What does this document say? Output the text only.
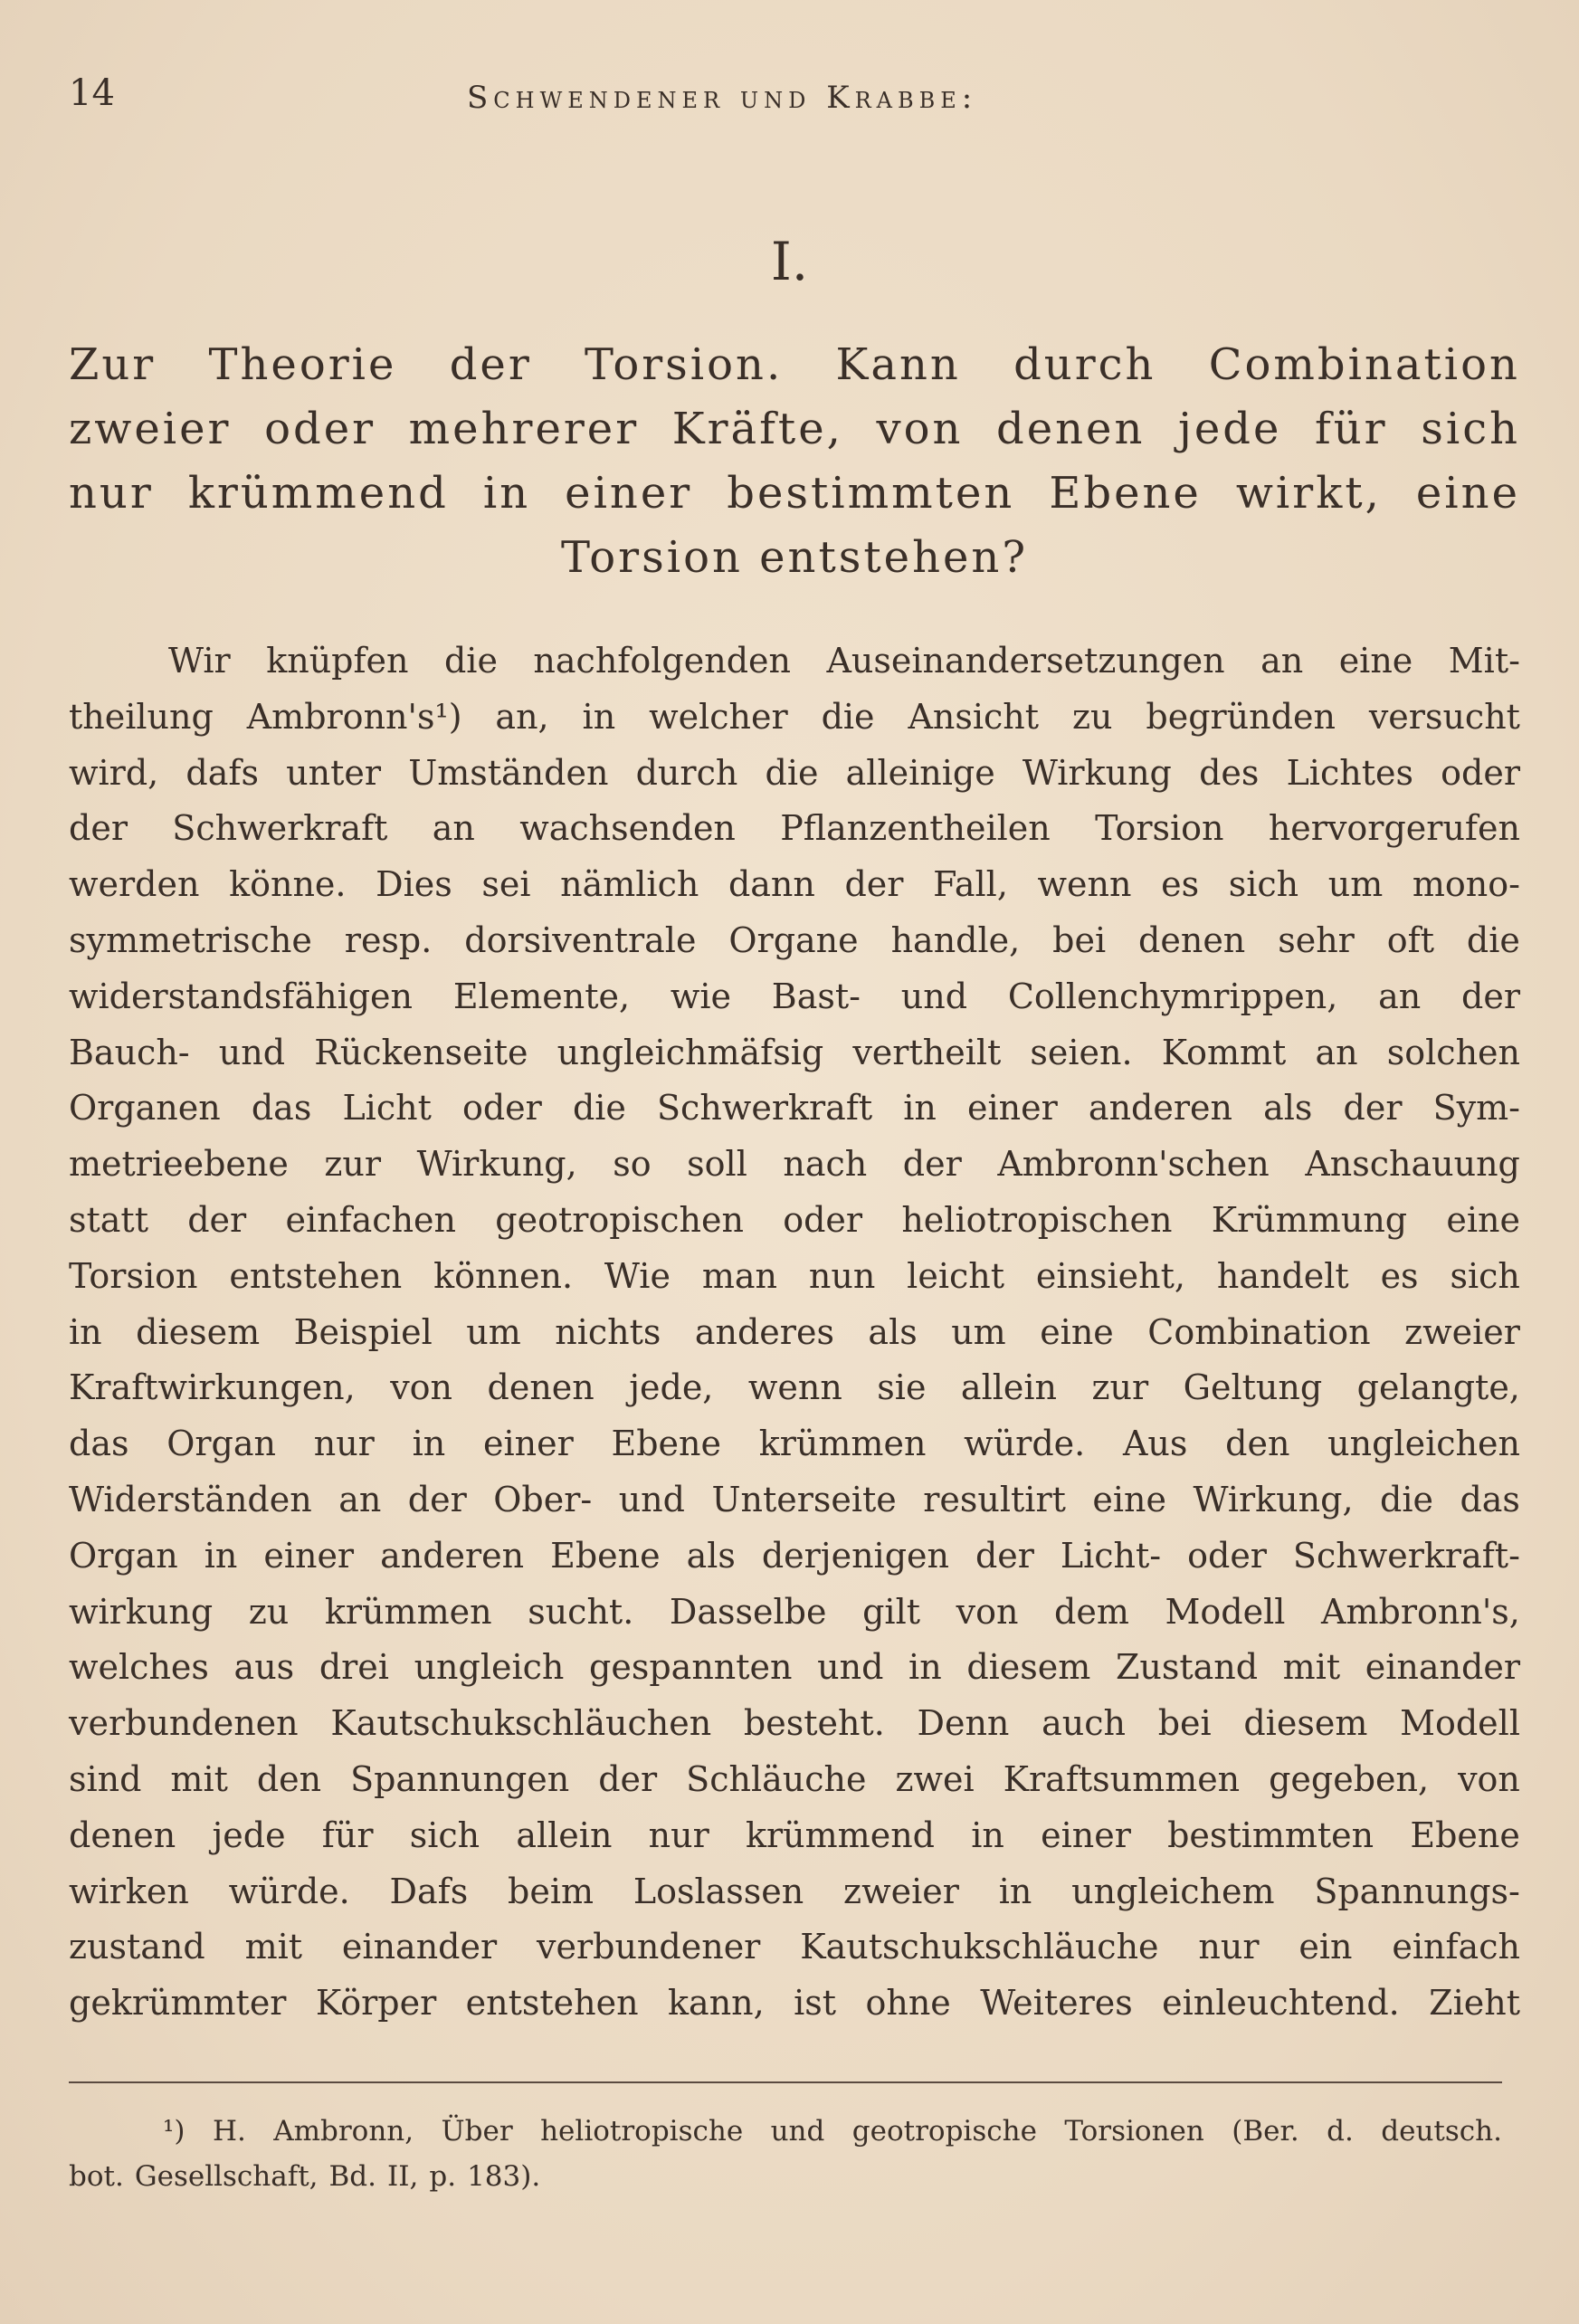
14	Schwendener und Krabbe:
I.
Zur Theorie der Torsion. Kann durch Combination
zweier oder mehrerer Kräfte, von denen jede für sich
nur krümmend in einer bestimmten Ebene wirkt, eine
Torsion entstehen?
Wir knüpfen die nachfolgenden Auseinandersetzungen an eine Mit-
theilung Ambronn's¹) an, in welcher die Ansicht zu begründen versucht
wird, dafs unter Umständen durch die alleinige Wirkung des Lichtes oder
der Schwerkraft an wachsenden Pflanzentheilen Torsion hervorgerufen
werden könne. Dies sei nämlich dann der Fall, wenn es sich um mono-
symmetrische resp. dorsiventrale Organe handle, bei denen sehr oft die
widerstandsfähigen Elemente, wie Bast- und Collenchymrippen, an der
Bauch- und Rückenseite ungleichmäfsig vertheilt seien. Kommt an solchen
Organen das Licht oder die Schwerkraft in einer anderen als der Sym-
metrieebene zur Wirkung, so soll nach der Ambronn'schen Anschauung
statt der einfachen geotropischen oder heliotropischen Krümmung eine
Torsion entstehen können. Wie man nun leicht einsieht, handelt es sich
in diesem Beispiel um nichts anderes als um eine Combination zweier
Kraftwirkungen, von denen jede, wenn sie allein zur Geltung gelangte,
das Organ nur in einer Ebene krümmen würde. Aus den ungleichen
Widerständen an der Ober- und Unterseite resultirt eine Wirkung, die das
Organ in einer anderen Ebene als derjenigen der Licht- oder Schwerkraft-
wirkung zu krümmen sucht. Dasselbe gilt von dem Modell Ambronn's,
welches aus drei ungleich gespannten und in diesem Zustand mit einander
verbundenen Kautschukschläuchen besteht. Denn auch bei diesem Modell
sind mit den Spannungen der Schläuche zwei Kraftsummen gegeben, von
denen jede für sich allein nur krümmend in einer bestimmten Ebene
wirken würde. Dafs beim Loslassen zweier in ungleichem Spannungs-
zustand mit einander verbundener Kautschukschläuche nur ein einfach
gekrümmter Körper entstehen kann, ist ohne Weiteres einleuchtend. Zieht
¹) H. Ambronn, Über heliotropische und geotropische Torsionen (Ber. d. deutsch.
bot. Gesellschaft, Bd. II, p. 183).
